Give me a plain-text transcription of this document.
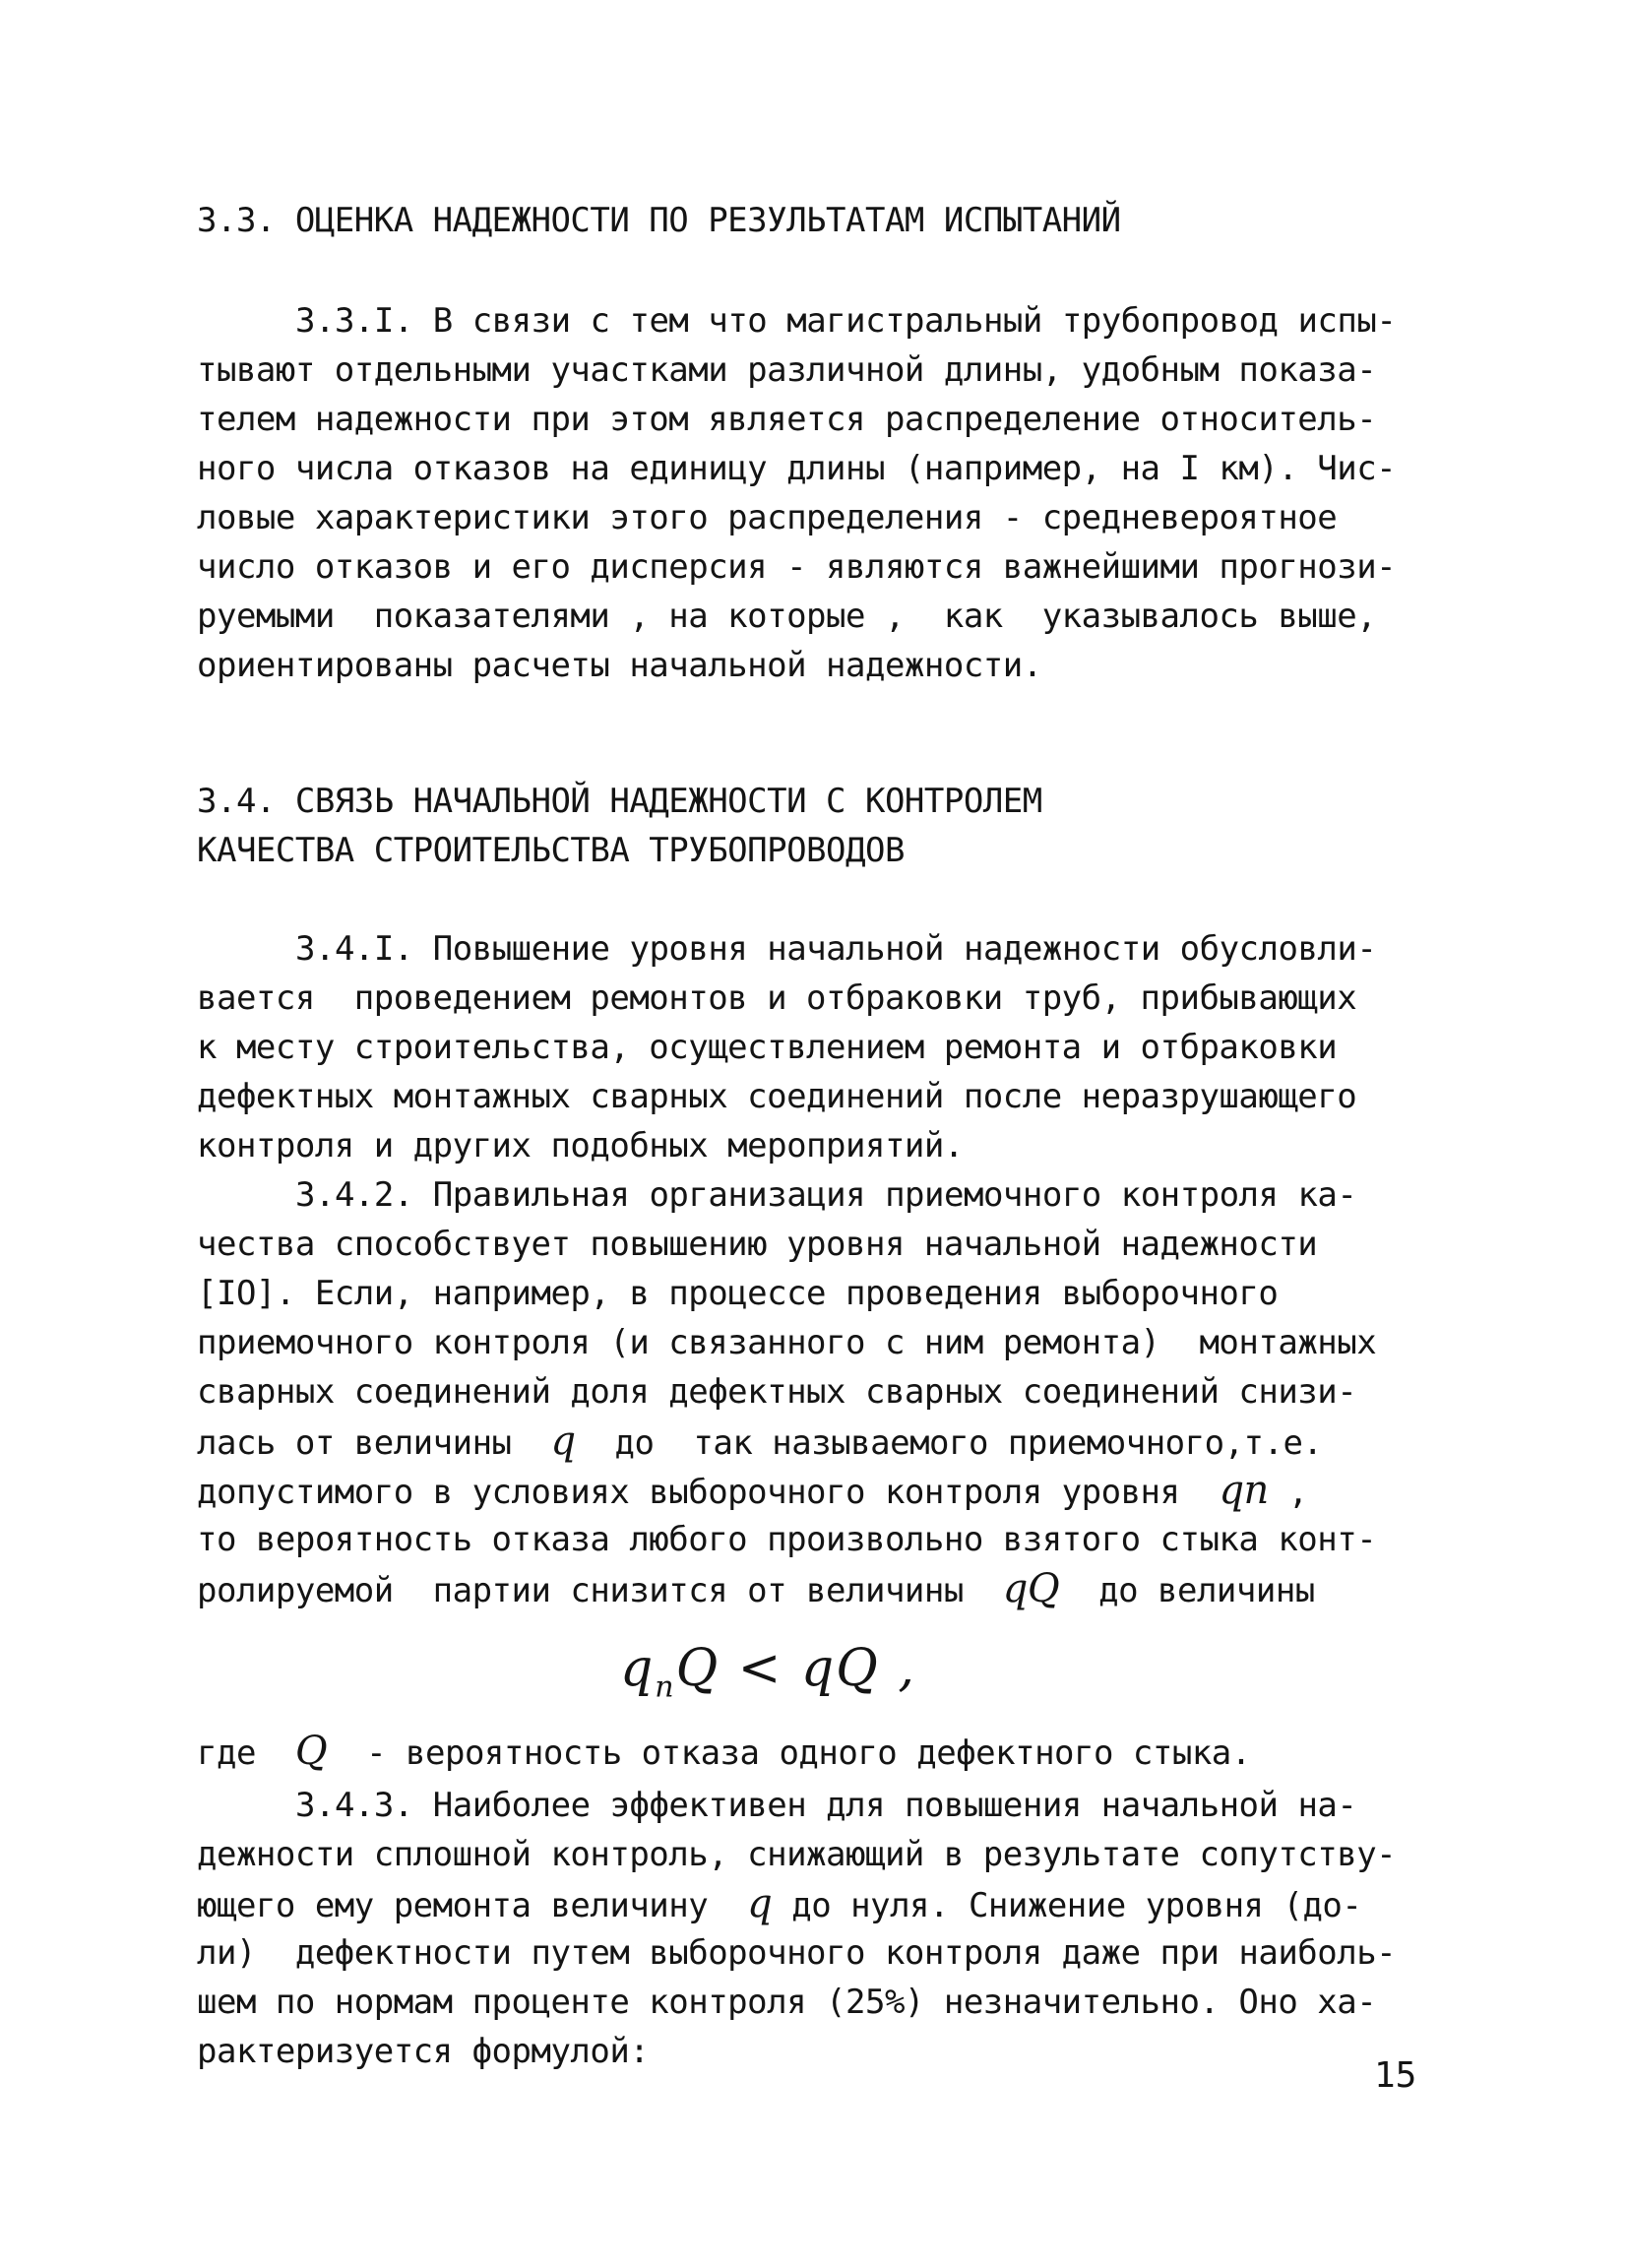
3.3. ОЦЕНКА НАДЕЖНОСТИ ПО РЕЗУЛЬТАТАМ ИСПЫТАНИЙ
3.3.I. В связи с тем что магистральный трубопровод испы-
тывают отдельными участками различной длины, удобным показа-
телем надежности при этом является распределение относитель-
ного числа отказов на единицу длины (например, на I км). Чис-
ловые характеристики этого распределения - средневероятное
число отказов и его дисперсия - являются важнейшими прогнози-
руемыми  показателями , на которые ,  как  указывалось выше,
ориентированы расчеты начальной надежности.
3.4. СВЯЗЬ НАЧАЛЬНОЙ НАДЕЖНОСТИ С КОНТРОЛЕМ
КАЧЕСТВА СТРОИТЕЛЬСТВА ТРУБОПРОВОДОВ
3.4.I. Повышение уровня начальной надежности обусловли-
вается  проведением ремонтов и отбраковки труб, прибывающих
к месту строительства, осуществлением ремонта и отбраковки
дефектных монтажных сварных соединений после неразрушающего
контроля и других подобных мероприятий.
3.4.2. Правильная организация приемочного контроля ка-
чества способствует повышению уровня начальной надежности
[IO]. Если, например, в процессе проведения выборочного
приемочного контроля (и связанного с ним ремонта)  монтажных
сварных соединений доля дефектных сварных соединений снизи-
лась от величины  q  до  так называемого приемочного,т.е.
допустимого в условиях выборочного контроля уровня  qп ,
то вероятность отказа любого произвольно взятого стыка конт-
ролируемой  партии снизится от величины  qQ  до величины
$q_пQ$ < qQ ,
где  Q  - вероятность отказа одного дефектного стыка.
3.4.3. Наиболее эффективен для повышения начальной на-
дежности сплошной контроль, снижающий в результате сопутству-
ющего ему ремонта величину  q до нуля. Снижение уровня (до-
ли)  дефектности путем выборочного контроля даже при наиболь-
шем по нормам проценте контроля (25%) незначительно. Оно ха-
рактеризуется формулой:
15
